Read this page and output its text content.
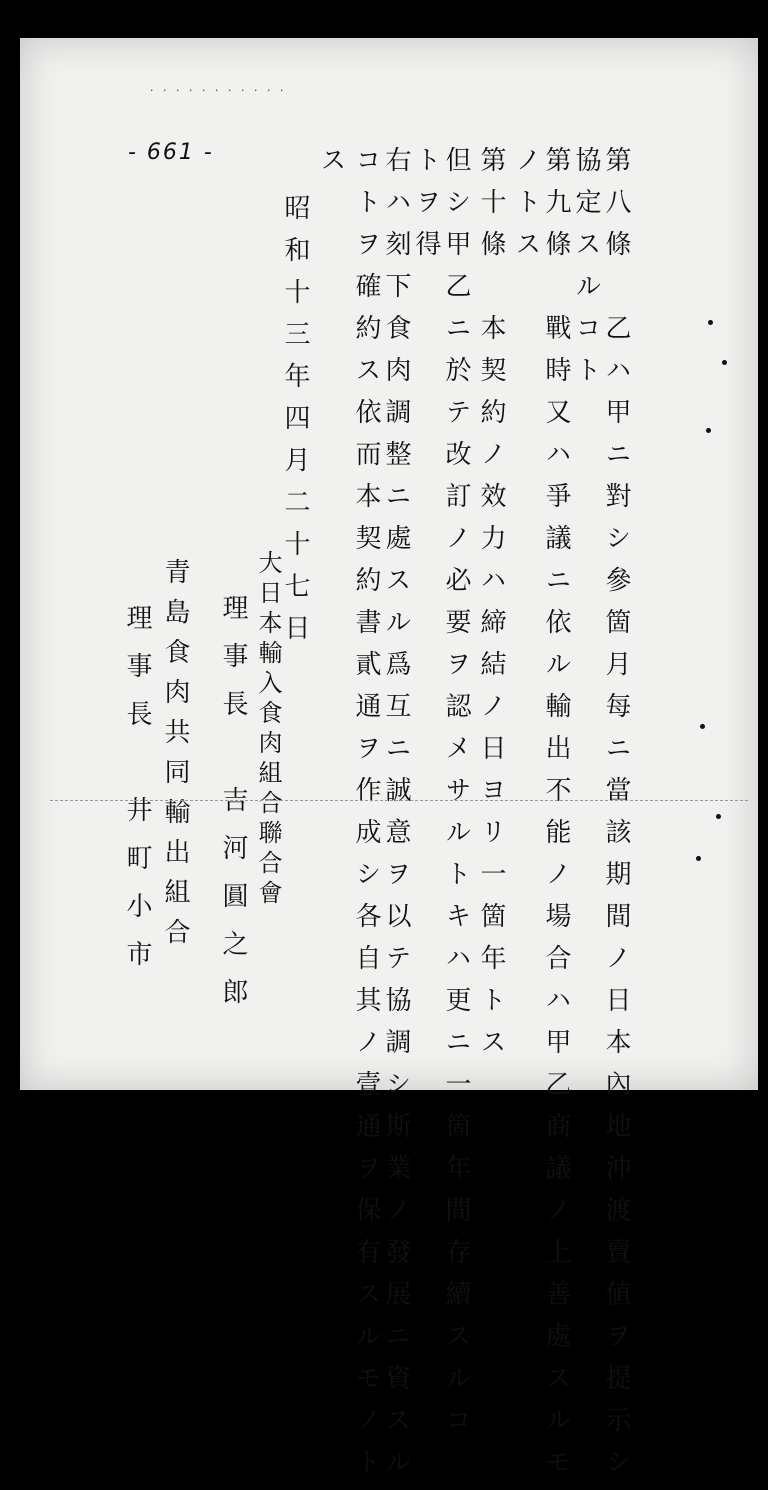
· · · · · · · · · · ·
- 661 -	第八條　乙ハ甲ニ對シ參箇月每ニ當該期間ノ日本內地沖渡賣値ヲ提示シ
協定スルコト
第九條　戰時又ハ爭議ニ依ル輸出不能ノ場合ハ甲乙商議ノ上善處スルモ
ノトス
第十條　本契約ノ效力ハ締結ノ日ヨリ一箇年トス
但シ甲乙ニ於テ改訂ノ必要ヲ認メサルトキハ更ニ一箇年間存續スルコ
トヲ得
右ハ刻下食肉調整ニ處スル爲互ニ誠意ヲ以テ協調シ斯業ノ發展ニ資スル
コトヲ確約ス依而本契約書貳通ヲ作成シ各自其ノ壹通ヲ保有スルモノト
ス
昭和十三年四月二十七日
大日本輸入食肉組合聯合會
理事長　吉河圓之郎
青島食肉共同輸出組合
理事長　井町小市
